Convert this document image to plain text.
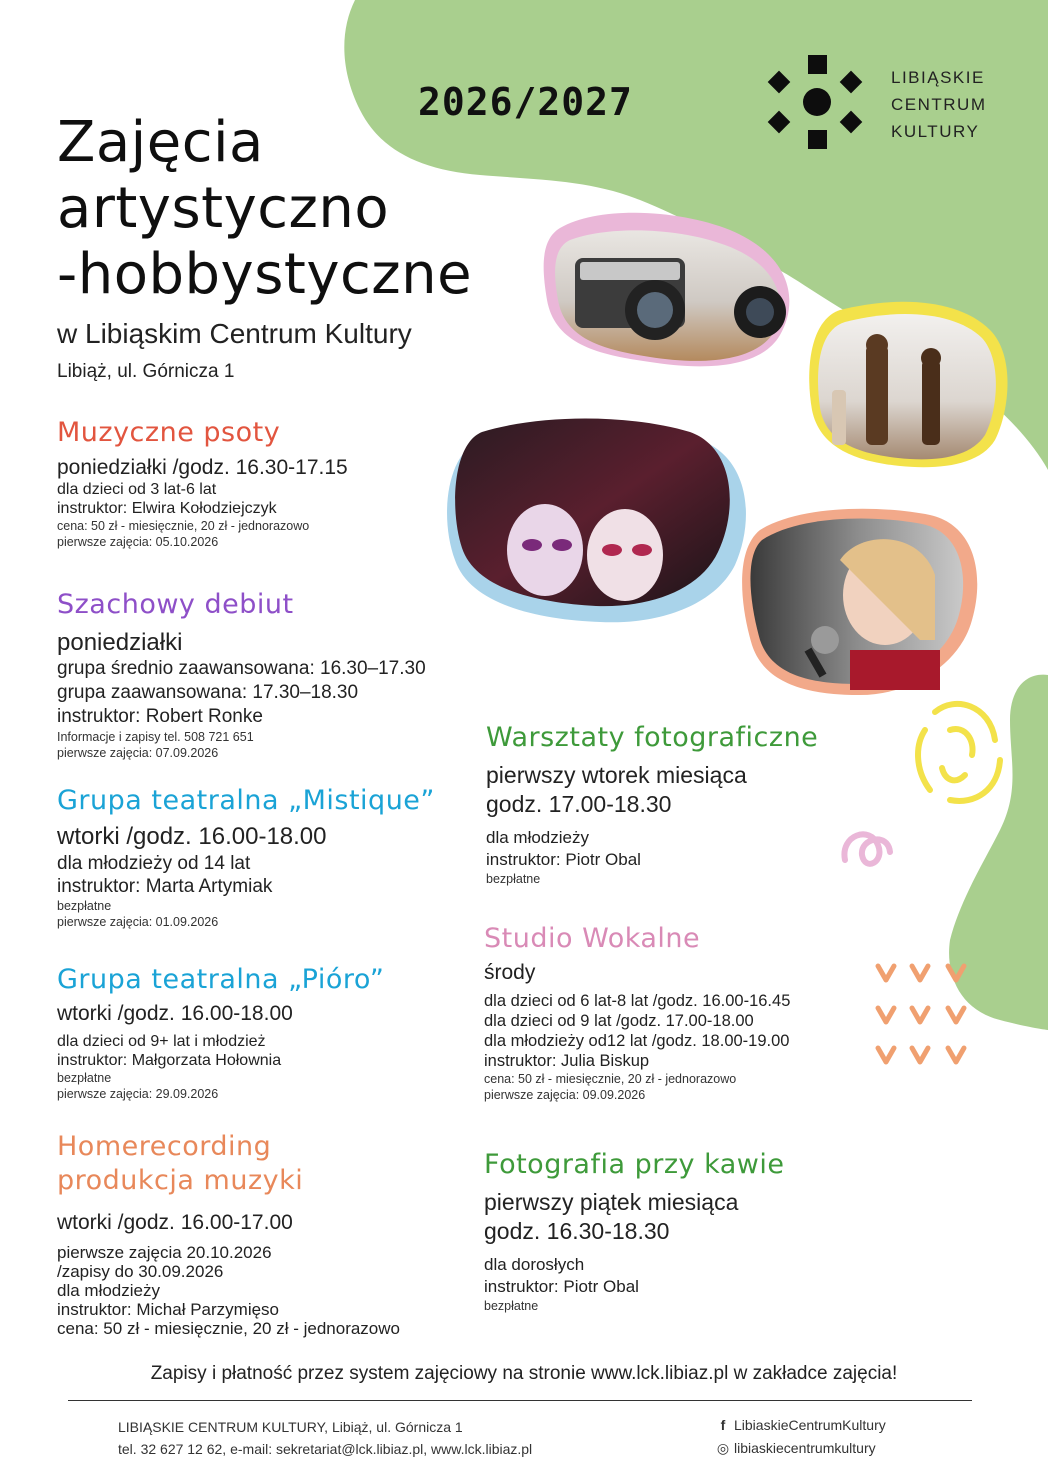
2026/2027
LIBIĄSKIE
CENTRUM
KULTURY
Zajęcia
artystyczno
-hobbystyczne
w Libiąskim Centrum Kultury
Libiąż, ul. Górnicza 1
Muzyczne psoty
poniedziałki /godz. 16.30-17.15
dla dzieci od 3 lat-6 lat
instruktor: Elwira Kołodziejczyk
cena: 50 zł - miesięcznie, 20 zł - jednorazowo
pierwsze zajęcia: 05.10.2026
Szachowy debiut
poniedziałki
grupa średnio zaawansowana: 16.30–17.30
grupa zaawansowana: 17.30–18.30
instruktor: Robert Ronke
Informacje i zapisy tel. 508 721 651
pierwsze zajęcia: 07.09.2026
Grupa teatralna „Mistique”
wtorki /godz. 16.00-18.00
dla młodzieży od 14 lat
instruktor: Marta Artymiak
bezpłatne
pierwsze zajęcia: 01.09.2026
Grupa teatralna „Pióro”
wtorki /godz. 16.00-18.00
dla dzieci od 9+ lat i młodzież
instruktor: Małgorzata Hołownia
bezpłatne
pierwsze zajęcia: 29.09.2026
Homerecording
produkcja muzyki
wtorki /godz. 16.00-17.00
pierwsze zajęcia 20.10.2026
/zapisy do 30.09.2026
dla młodzieży
instruktor: Michał Parzymięso
cena: 50 zł - miesięcznie, 20 zł - jednorazowo
Warsztaty fotograficzne
pierwszy wtorek miesiąca
godz. 17.00-18.30
dla młodzieży
instruktor: Piotr Obal
bezpłatne
Studio Wokalne
środy
dla dzieci od 6 lat-8 lat /godz. 16.00-16.45
dla dzieci od 9 lat /godz. 17.00-18.00
dla młodzieży od12 lat /godz. 18.00-19.00
instruktor: Julia Biskup
cena: 50 zł - miesięcznie, 20 zł - jednorazowo
pierwsze zajęcia: 09.09.2026
Fotografia przy kawie
pierwszy piątek miesiąca
godz. 16.30-18.30
dla dorosłych
instruktor: Piotr Obal
bezpłatne
Zapisy i płatność przez system zajęciowy na stronie www.lck.libiaz.pl w zakładce zajęcia!
LIBIĄSKIE CENTRUM KULTURY, Libiąż, ul. Górnicza 1
tel. 32 627 12 62, e-mail: sekretariat@lck.libiaz.pl, www.lck.libiaz.pl
f LibiaskieCentrumKultury
◎ libiaskiecentrumkultury
